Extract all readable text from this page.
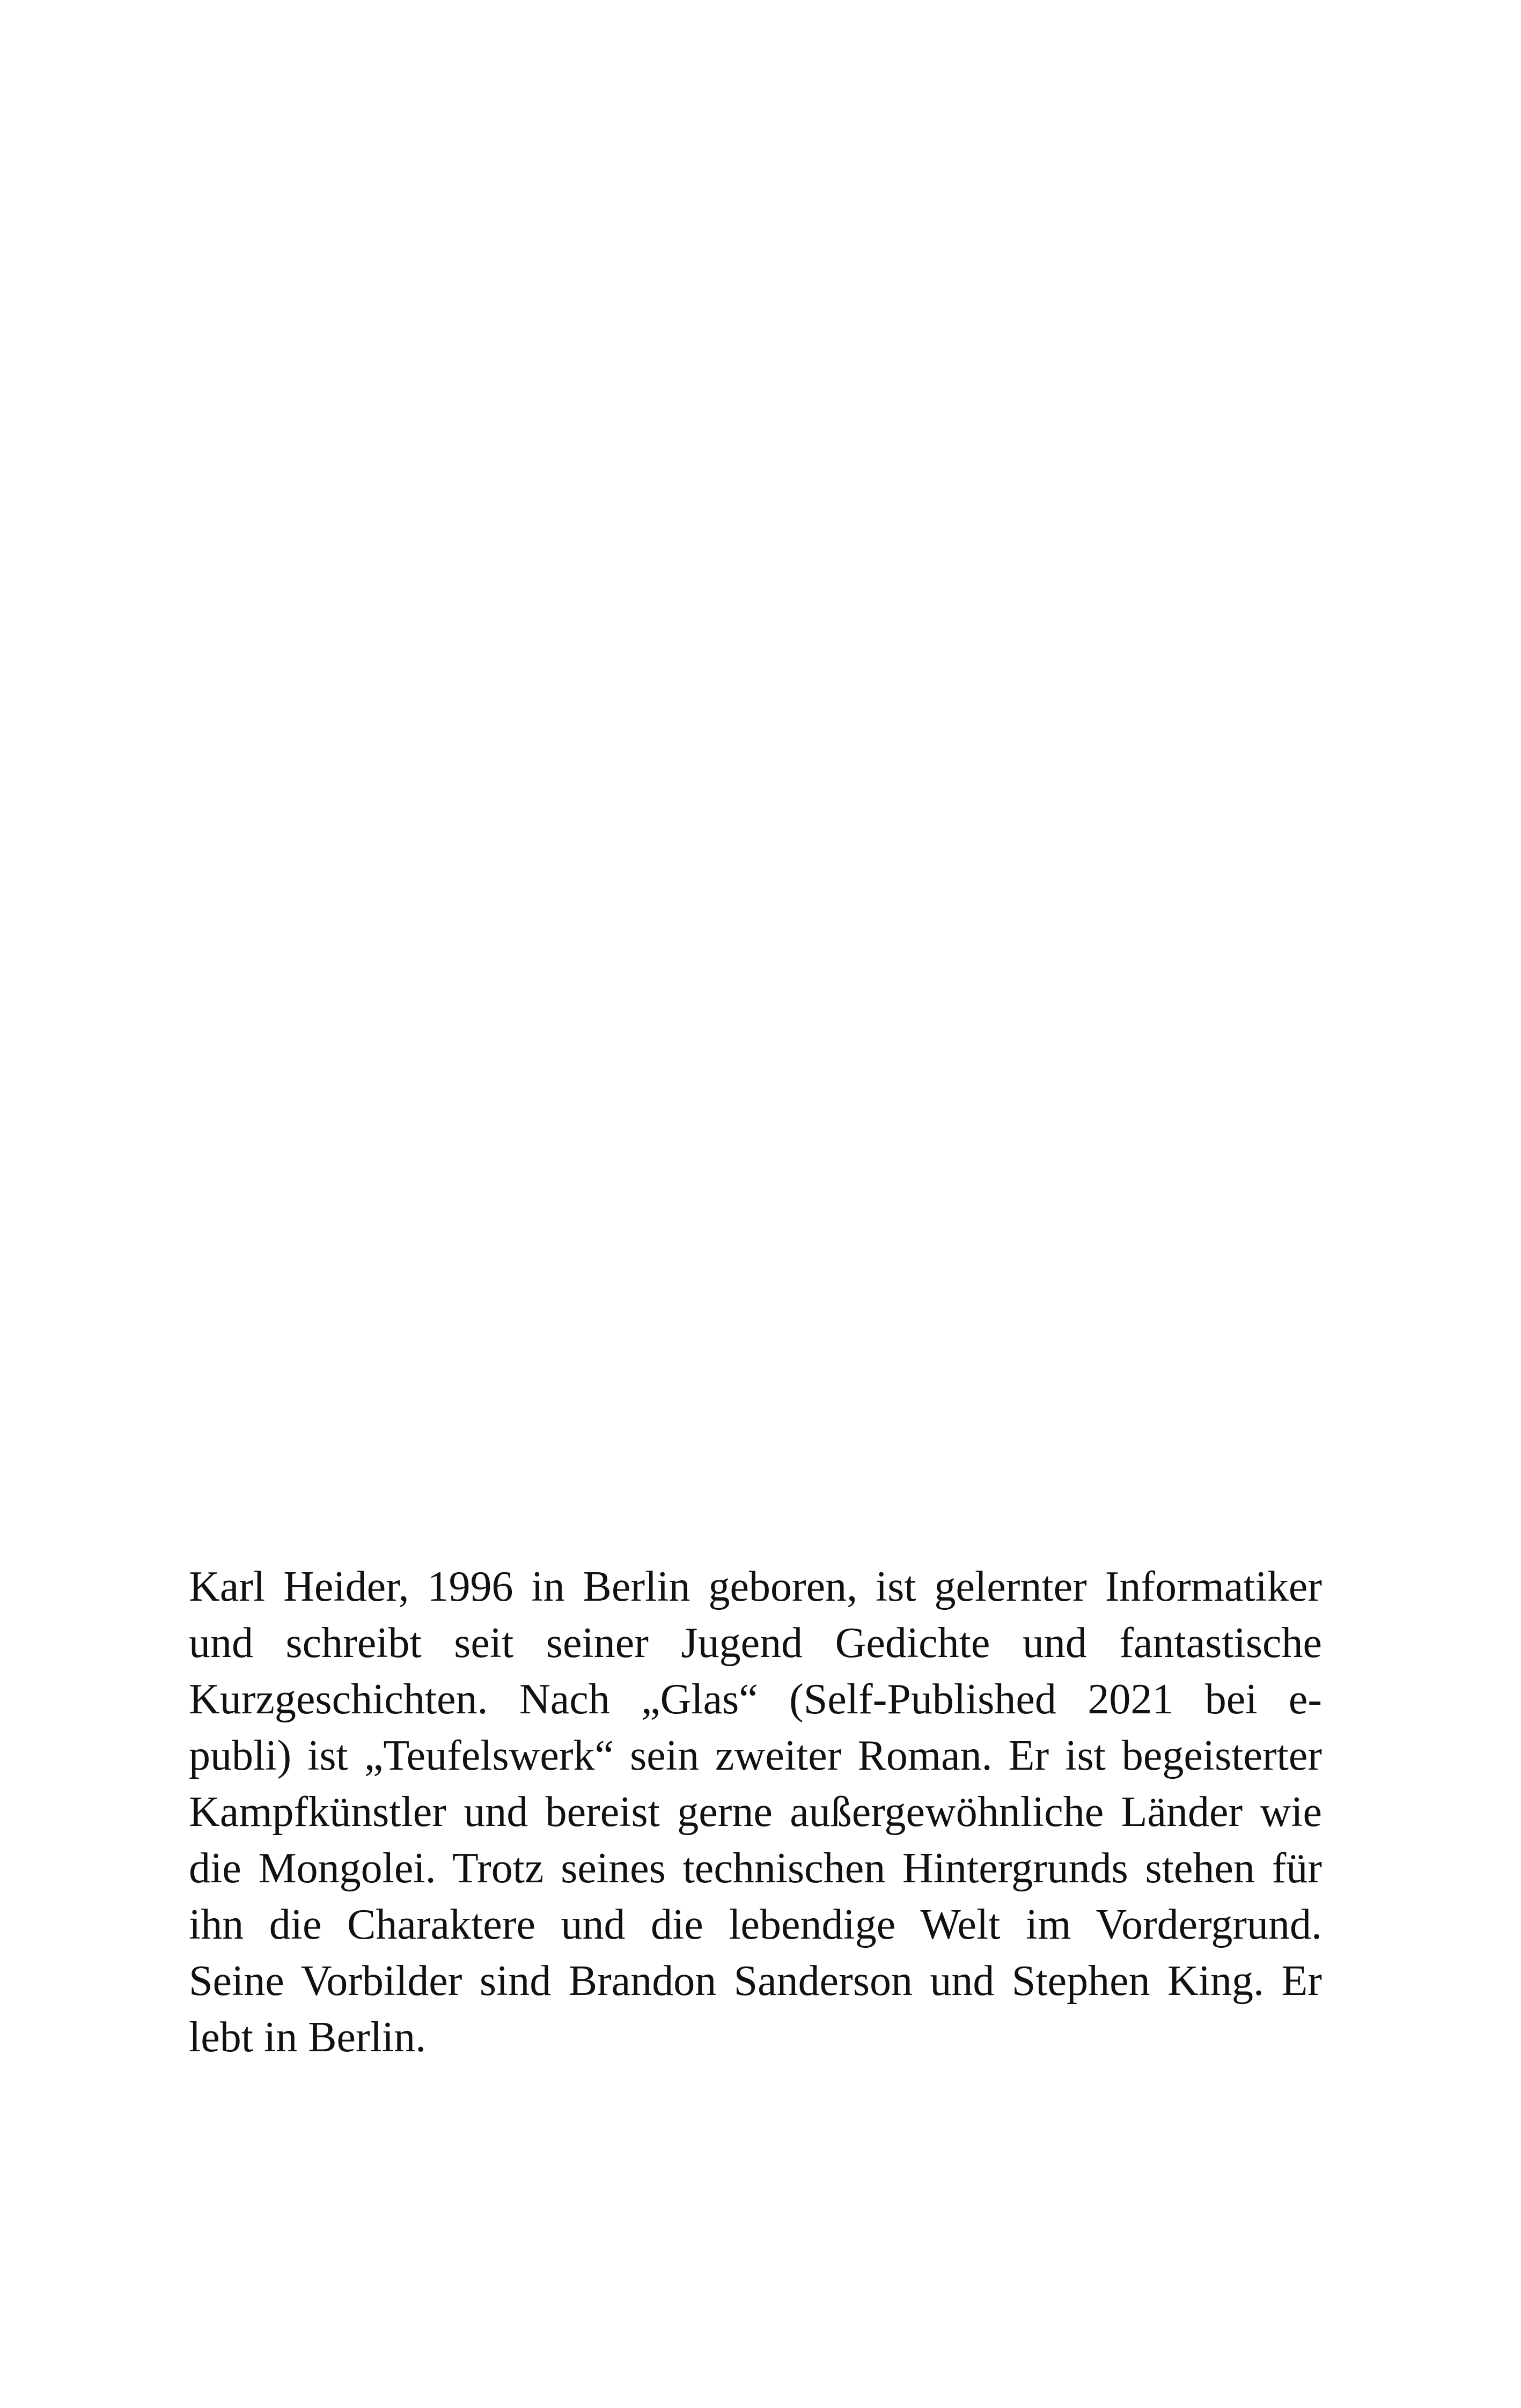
Karl Heider, 1996 in Berlin geboren, ist gelernter Informatiker
und schreibt seit seiner Jugend Gedichte und fantastische
Kurzgeschichten. Nach „Glas“ (Self-Published 2021 bei e-
publi) ist „Teufelswerk“ sein zweiter Roman. Er ist begeisterter
Kampfkünstler und bereist gerne außergewöhnliche Länder wie
die Mongolei. Trotz seines technischen Hintergrunds stehen für
ihn die Charaktere und die lebendige Welt im Vordergrund.
Seine Vorbilder sind Brandon Sanderson und Stephen King. Er
lebt in Berlin.
